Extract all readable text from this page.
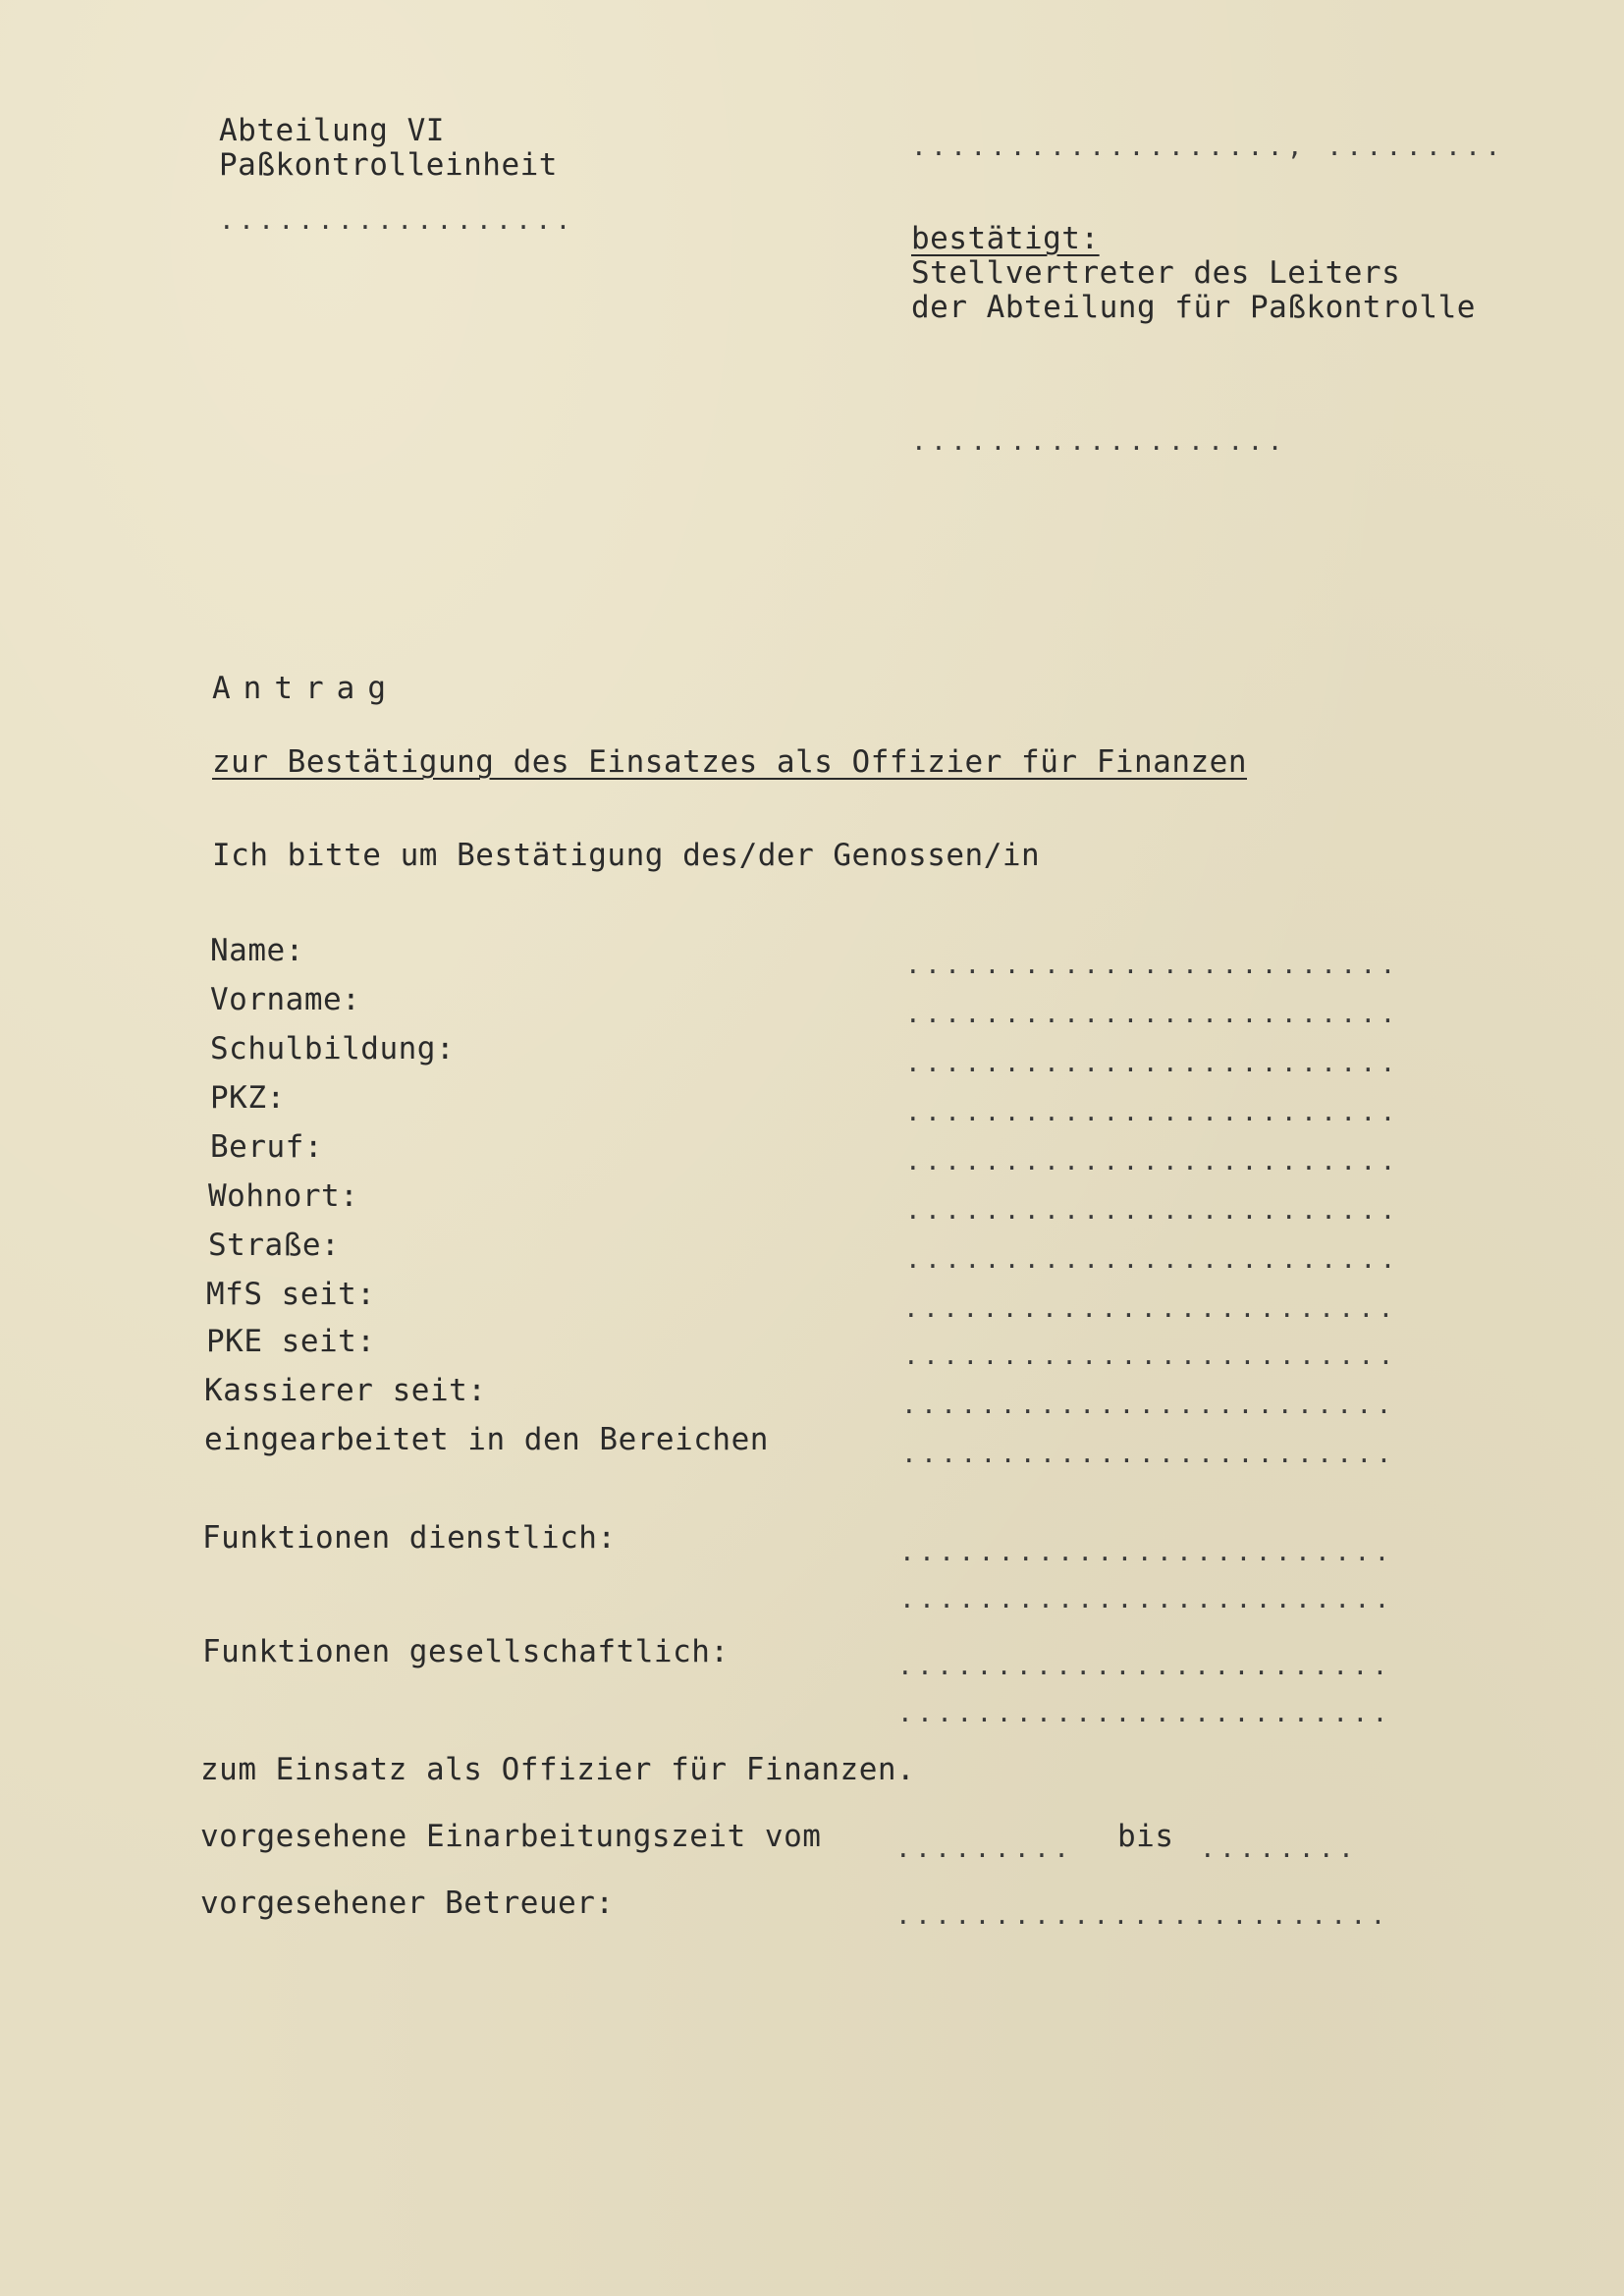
Abteilung VI
Paßkontrolleinheit
..................
..................., .........
bestätigt:
Stellvertreter des Leiters
der Abteilung für Paßkontrolle
...................
Antrag
zur Bestätigung des Einsatzes als Offizier für Finanzen
Ich bitte um Bestätigung des/der Genossen/in
Name:	.........................
Vorname:	.........................
Schulbildung:	.........................
PKZ:	.........................
Beruf:	.........................
Wohnort:	.........................
Straße:	.........................
MfS seit:	.........................
PKE seit:	.........................
Kassierer seit:	.........................
eingearbeitet in den Bereichen	.........................
Funktionen dienstlich:	.........................
.........................
Funktionen gesellschaftlich:	.........................
.........................
zum Einsatz als Offizier für Finanzen.
vorgesehene Einarbeitungszeit vom	......... bis ........
vorgesehener Betreuer:	.........................
